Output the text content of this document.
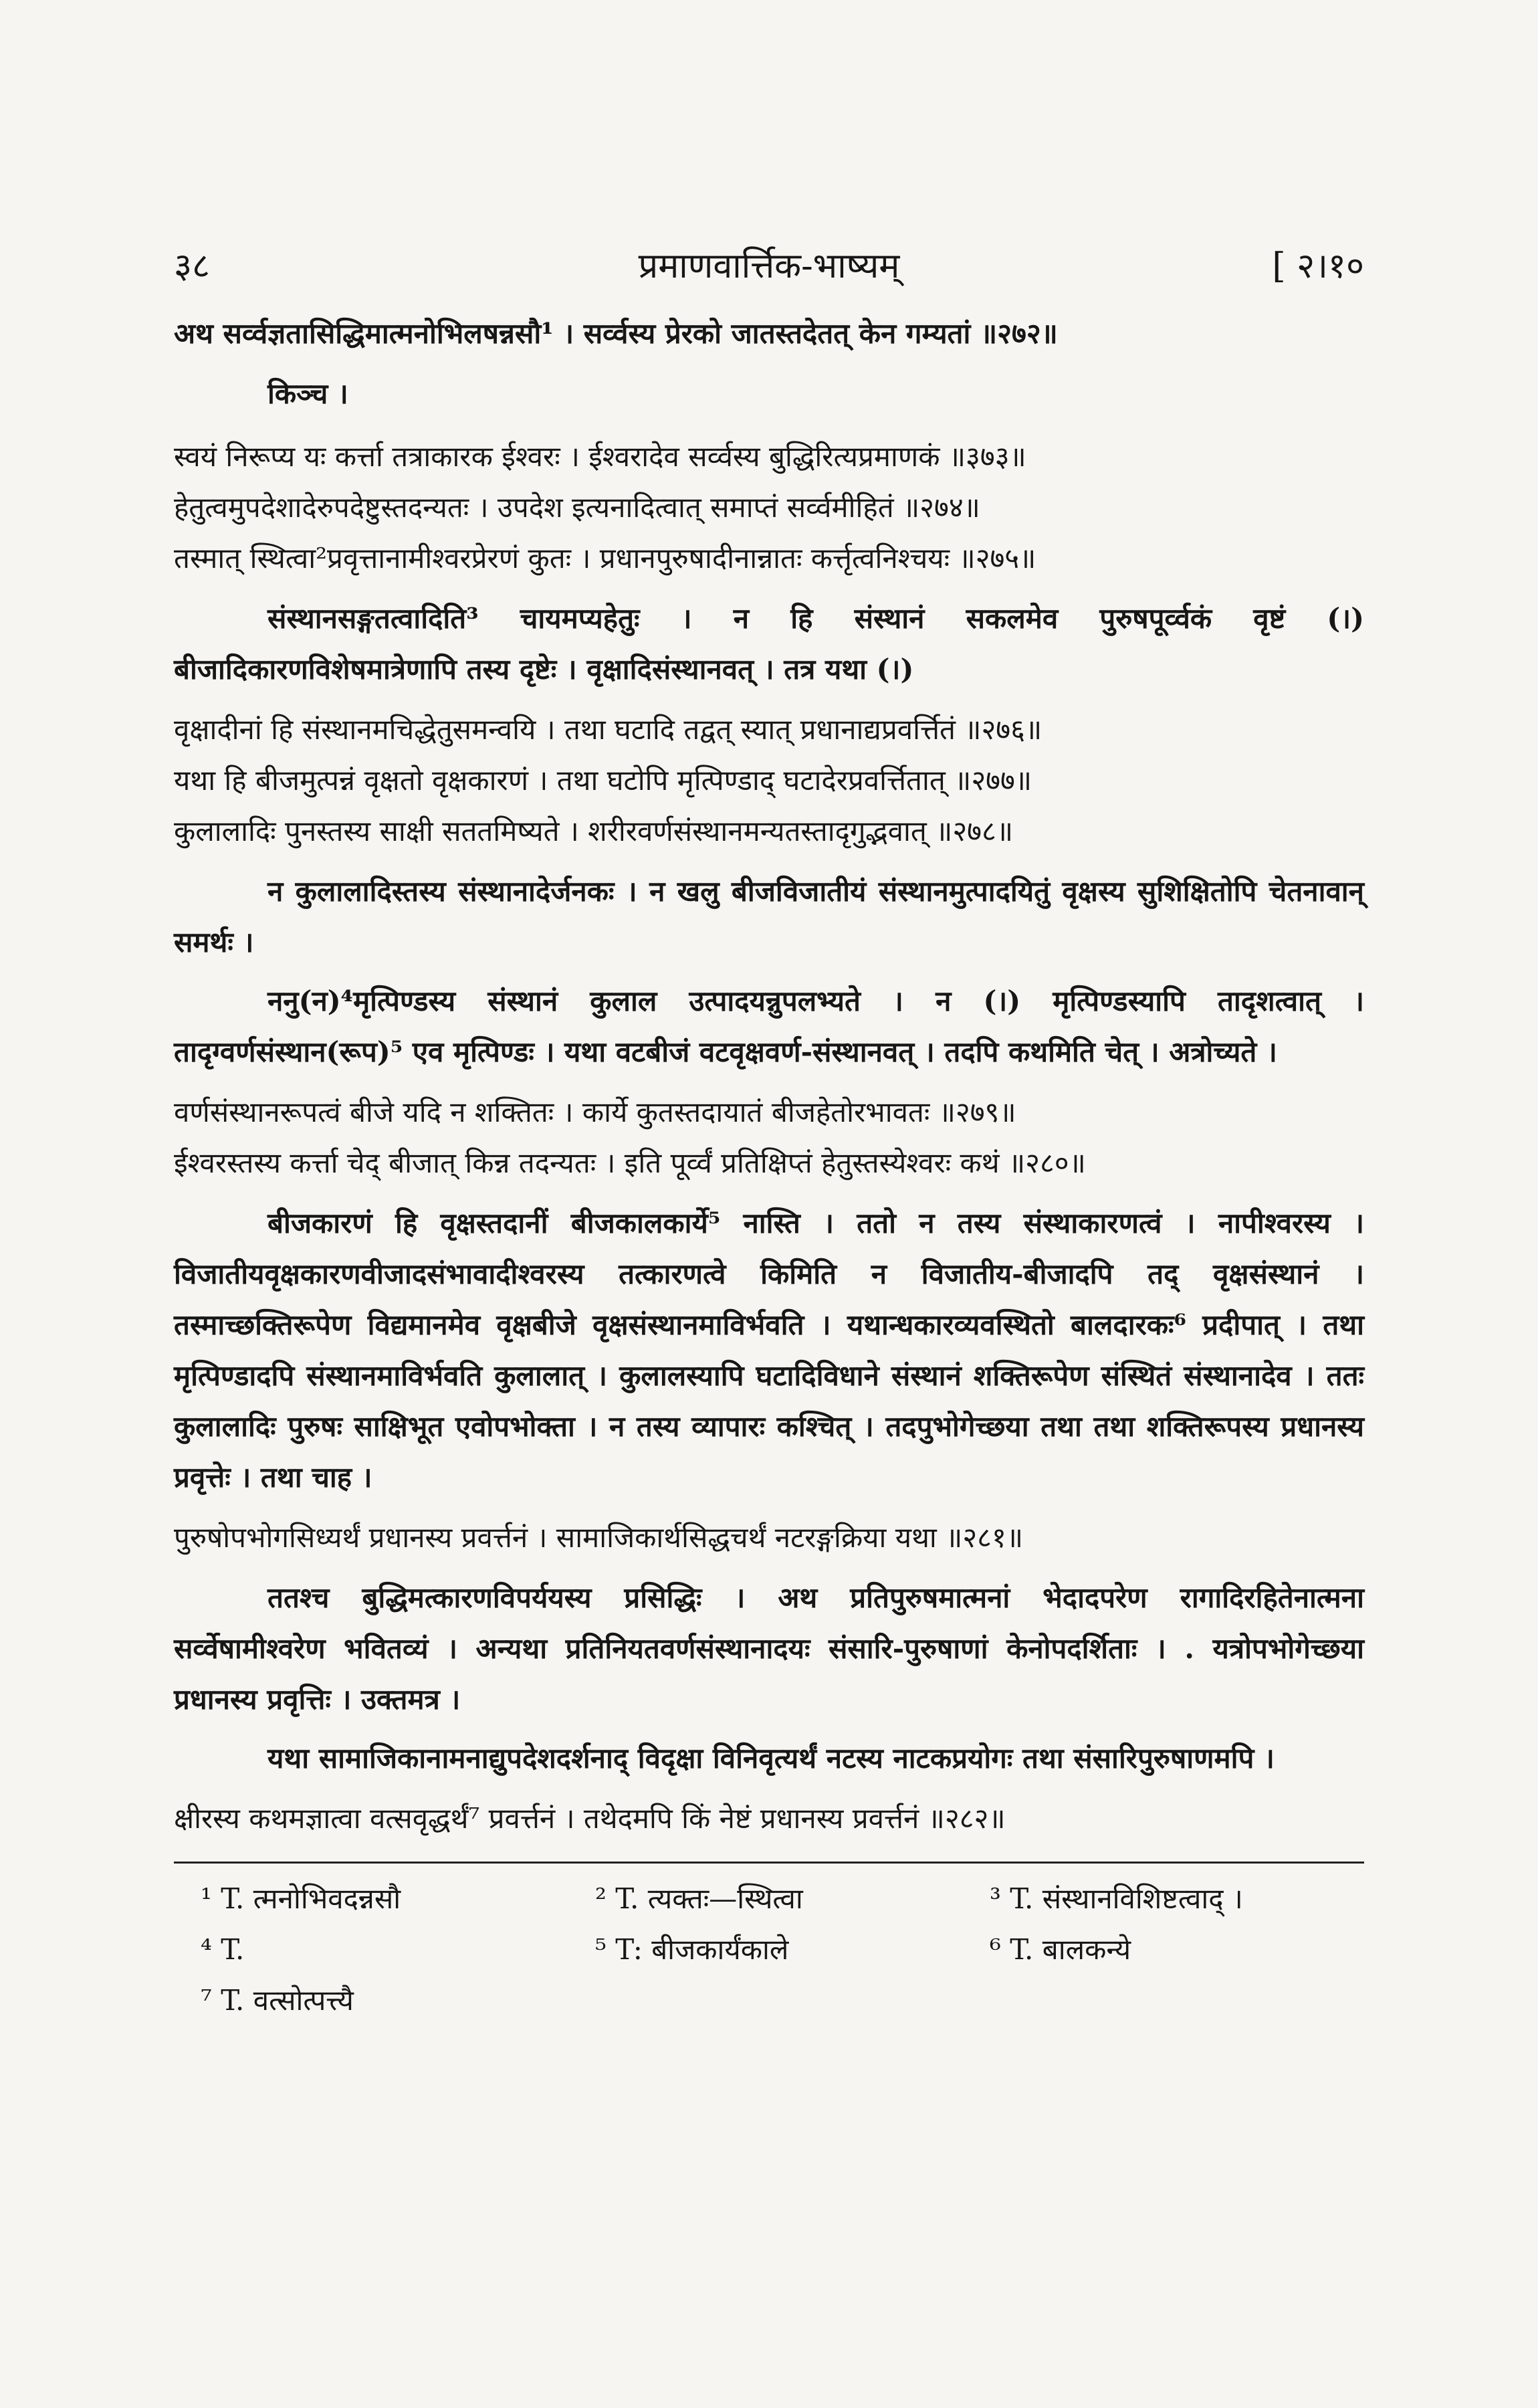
३८	प्रमाणवार्त्तिक-भाष्यम्	[ २।१०

अथ सर्व्वज्ञतासिद्धिमात्मनोभिलषन्नसौ¹ । सर्व्वस्य प्रेरको जातस्तदेतत् केन गम्यतां ॥२७२॥

किञ्च ।

स्वयं निरूप्य यः कर्त्ता तत्राकारक ईश्वरः । ईश्वरादेव सर्व्वस्य बुद्धिरित्यप्रमाणकं ॥३७३॥

हेतुत्वमुपदेशादेरुपदेष्टुस्तदन्यतः । उपदेश इत्यनादित्वात् समाप्तं सर्व्वमीहितं ॥२७४॥

तस्मात् स्थित्वा²प्रवृत्तानामीश्वरप्रेरणं कुतः । प्रधानपुरुषादीनान्नातः कर्त्तृत्वनिश्चयः ॥२७५॥

संस्थानसङ्गतत्वादिति³ चायमप्यहेतुः । न हि संस्थानं सकलमेव पुरुषपूर्व्वकं वृष्टं (।) बीजादिकारणविशेषमात्रेणापि तस्य दृष्टेः । वृक्षादिसंस्थानवत् । तत्र यथा (।)

वृक्षादीनां हि संस्थानमचिद्धेतुसमन्वयि । तथा घटादि तद्वत् स्यात् प्रधानाद्यप्रवर्त्तितं ॥२७६॥

यथा हि बीजमुत्पन्नं वृक्षतो वृक्षकारणं । तथा घटोपि मृत्पिण्डाद् घटादेरप्रवर्त्तितात् ॥२७७॥

कुलालादिः पुनस्तस्य साक्षी सततमिष्यते । शरीरवर्णसंस्थानमन्यतस्तादृगुद्भवात् ॥२७८॥

न कुलालादिस्तस्य संस्थानादेर्जनकः । न खलु बीजविजातीयं संस्थानमुत्पादयितुं वृक्षस्य सुशिक्षितोपि चेतनावान् समर्थः ।

ननु(न)⁴मृत्पिण्डस्य संस्थानं कुलाल उत्पादयन्नुपलभ्यते । न (।) मृत्पिण्डस्यापि तादृशत्वात् । तादृग्वर्णसंस्थान(रूप)⁵ एव मृत्पिण्डः । यथा वटबीजं वटवृक्षवर्ण-संस्थानवत् । तदपि कथमिति चेत् । अत्रोच्यते ।

वर्णसंस्थानरूपत्वं बीजे यदि न शक्तितः । कार्ये कुतस्तदायातं बीजहेतोरभावतः ॥२७९॥

ईश्वरस्तस्य कर्त्ता चेद् बीजात् किन्न तदन्यतः । इति पूर्व्वं प्रतिक्षिप्तं हेतुस्तस्येश्वरः कथं ॥२८०॥

बीजकारणं हि वृक्षस्तदानीं बीजकालकार्ये⁵ नास्ति । ततो न तस्य संस्थाकारणत्वं । नापीश्वरस्य । विजातीयवृक्षकारणवीजादसंभावादीश्वरस्य तत्कारणत्वे किमिति न विजातीय-बीजादपि तद् वृक्षसंस्थानं । तस्माच्छक्तिरूपेण विद्यमानमेव वृक्षबीजे वृक्षसंस्थानमाविर्भवति । यथान्धकारव्यवस्थितो बालदारकः⁶ प्रदीपात् । तथा मृत्पिण्डादपि संस्थानमाविर्भवति कुलालात् । कुलालस्यापि घटादिविधाने संस्थानं शक्तिरूपेण संस्थितं संस्थानादेव । ततः कुलालादिः पुरुषः साक्षिभूत एवोपभोक्ता । न तस्य व्यापारः कश्चित् । तदपुभोगेच्छया तथा तथा शक्तिरूपस्य प्रधानस्य प्रवृत्तेः । तथा चाह ।

पुरुषोपभोगसिध्यर्थं प्रधानस्य प्रवर्त्तनं । सामाजिकार्थसिद्धचर्थं नटरङ्गक्रिया यथा ॥२८१॥

ततश्च बुद्धिमत्कारणविपर्ययस्य प्रसिद्धिः । अथ प्रतिपुरुषमात्मनां भेदादपरेण रागादिरहितेनात्मना सर्व्वेषामीश्वरेण भवितव्यं । अन्यथा प्रतिनियतवर्णसंस्थानादयः संसारि-पुरुषाणां केनोपदर्शिताः । . यत्रोपभोगेच्छया प्रधानस्य प्रवृत्तिः । उक्तमत्र ।

यथा सामाजिकानामनाद्युपदेशदर्शनाद् विदृक्षा विनिवृत्यर्थं नटस्य नाटकप्रयोगः तथा संसारिपुरुषाणमपि ।

क्षीरस्य कथमज्ञात्वा वत्सवृद्धर्थं⁷ प्रवर्त्तनं । तथेदमपि किं नेष्टं प्रधानस्य प्रवर्त्तनं ॥२८२॥

¹ T. त्मनोभिवदन्नसौ	² T. त्यक्तः—स्थित्वा	³ T. संस्थानविशिष्टत्वाद् ।
⁴ T.	⁵ T: बीजकार्यंकाले	⁶ T. बालकन्ये
⁷ T. वत्सोत्पत्त्यै
